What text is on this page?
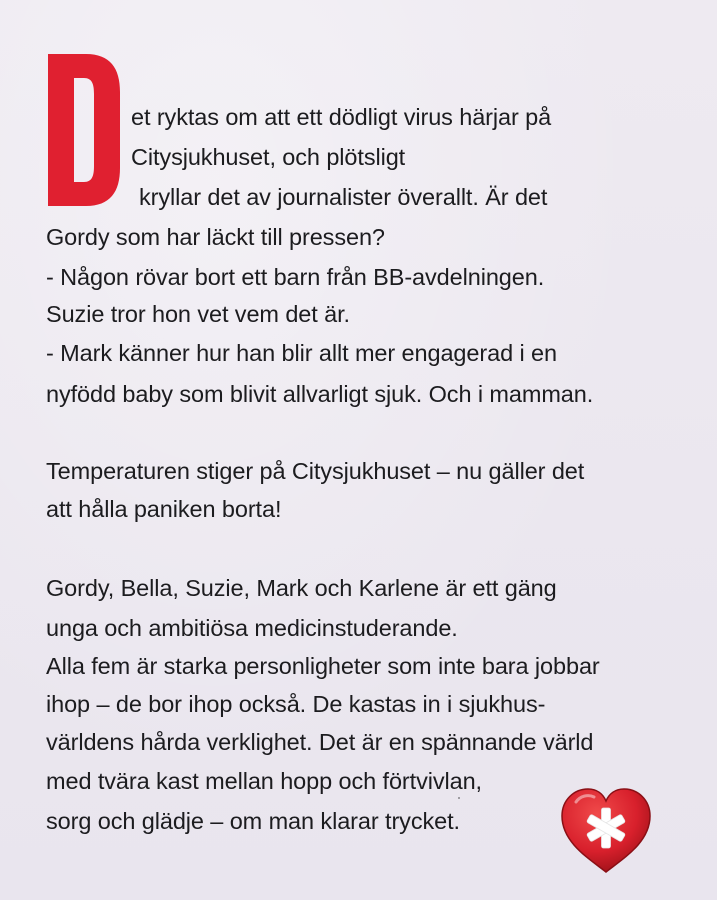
et ryktas om att ett dödligt virus härjar på
Citysjukhuset, och plötsligt
kryllar det av journalister överallt. Är det
Gordy som har läckt till pressen?
- Någon rövar bort ett barn från BB-avdelningen.
Suzie tror hon vet vem det är.
- Mark känner hur han blir allt mer engagerad i en
nyfödd baby som blivit allvarligt sjuk. Och i mamman.
Temperaturen stiger på Citysjukhuset – nu gäller det
att hålla paniken borta!
Gordy, Bella, Suzie, Mark och Karlene är ett gäng
unga och ambitiösa medicinstuderande.
Alla fem är starka personligheter som inte bara jobbar
ihop – de bor ihop också. De kastas in i sjukhus-
världens hårda verklighet. Det är en spännande värld
med tvära kast mellan hopp och förtvivlan,
sorg och glädje – om man klarar trycket.
